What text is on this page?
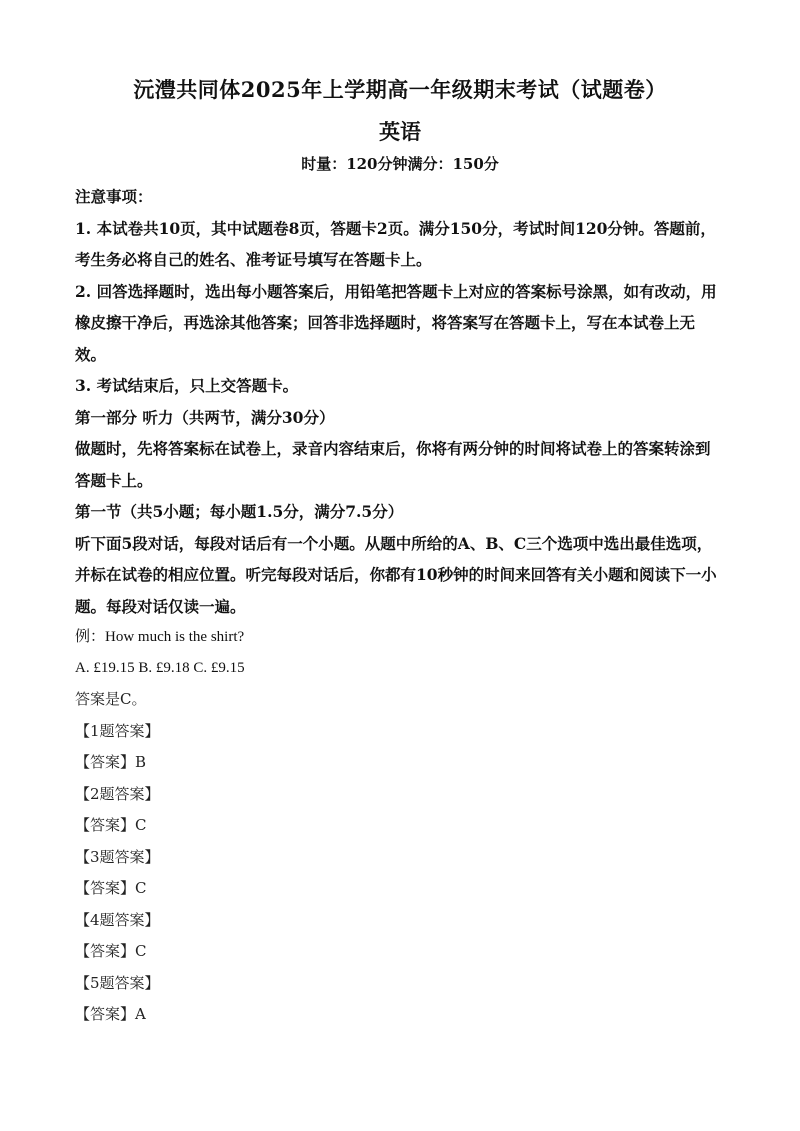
沅澧共同体2025年上学期高一年级期末考试（试题卷）
英语
时量：120分钟满分：150分

注意事项：

1. 本试卷共10页，其中试题卷8页，答题卡2页。满分150分，考试时间120分钟。答题前，考生务必将自己的姓名、准考证号填写在答题卡上。

2. 回答选择题时，选出每小题答案后，用铅笔把答题卡上对应的答案标号涂黑，如有改动，用橡皮擦干净后，再选涂其他答案；回答非选择题时，将答案写在答题卡上，写在本试卷上无效。

3. 考试结束后，只上交答题卡。

第一部分 听力（共两节，满分30分）

做题时，先将答案标在试卷上，录音内容结束后，你将有两分钟的时间将试卷上的答案转涂到答题卡上。

第一节（共5小题；每小题1.5分，满分7.5分）

听下面5段对话，每段对话后有一个小题。从题中所给的A、B、C三个选项中选出最佳选项，并标在试卷的相应位置。听完每段对话后，你都有10秒钟的时间来回答有关小题和阅读下一小题。每段对话仅读一遍。

例：How much is the shirt?

A. £19.15 B. £9.18 C. £9.15

答案是C。

【1题答案】

【答案】B

【2题答案】

【答案】C

【3题答案】

【答案】C

【4题答案】

【答案】C

【5题答案】

【答案】A
